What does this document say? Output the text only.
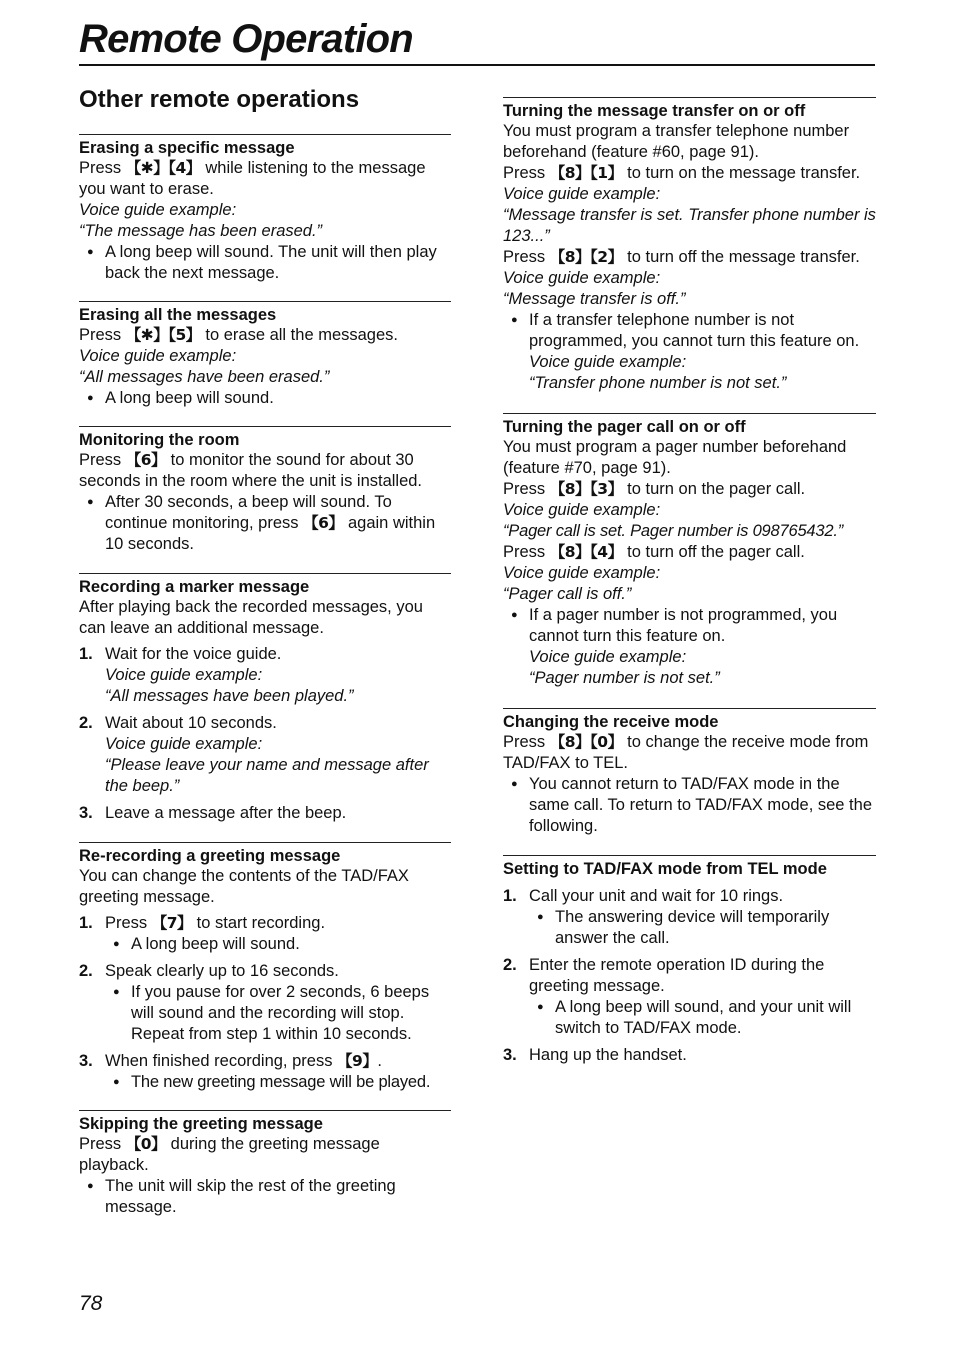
Remote Operation
Other remote operations
Erasing a specific message

Press 【✱】【4】 while listening to the message you want to erase.

Voice guide example:

“The message has been erased.”

● A long beep will sound. The unit will then play back the next message.

Erasing all the messages

Press 【✱】【5】 to erase all the messages.

Voice guide example:

“All messages have been erased.”

● A long beep will sound.

Monitoring the room

Press 【6】 to monitor the sound for about 30 seconds in the room where the unit is installed.

● After 30 seconds, a beep will sound. To continue monitoring, press 【6】 again within 10 seconds.

Recording a marker message

After playing back the recorded messages, you can leave an additional message.

1. Wait for the voice guide.
Voice guide example:
“All messages have been played.”
2. Wait about 10 seconds.
Voice guide example:
“Please leave your name and message after the beep.”
3. Leave a message after the beep.
Re-recording a greeting message

You can change the contents of the TAD/FAX greeting message.

1. Press 【7】 to start recording.

● A long beep will sound.

2. Speak clearly up to 16 seconds.

● If you pause for over 2 seconds, 6 beeps will sound and the recording will stop. Repeat from step 1 within 10 seconds.

3. When finished recording, press 【9】.

● The new greeting message will be played.

Skipping the greeting message

Press 【0】 during the greeting message playback.

● The unit will skip the rest of the greeting message.

Turning the message transfer on or off

You must program a transfer telephone number beforehand (feature #60, page 91).

Press 【8】【1】 to turn on the message transfer.

Voice guide example:

“Message transfer is set. Transfer phone number is 123...”

Press 【8】【2】 to turn off the message transfer.

Voice guide example:

“Message transfer is off.”

● If a transfer telephone number is not programmed, you cannot turn this feature on.
Voice guide example:
“Transfer phone number is not set.”
Turning the pager call on or off

You must program a pager number beforehand (feature #70, page 91).

Press 【8】【3】 to turn on the pager call.

Voice guide example:

“Pager call is set. Pager number is 098765432.”

Press 【8】【4】 to turn off the pager call.

Voice guide example:

“Pager call is off.”

● If a pager number is not programmed, you cannot turn this feature on.
Voice guide example:
“Pager number is not set.”
Changing the receive mode

Press 【8】【0】 to change the receive mode from TAD/FAX to TEL.

● You cannot return to TAD/FAX mode in the same call. To return to TAD/FAX mode, see the following.

Setting to TAD/FAX mode from TEL mode
1. Call your unit and wait for 10 rings.

● The answering device will temporarily answer the call.

2. Enter the remote operation ID during the greeting message.

● A long beep will sound, and your unit will switch to TAD/FAX mode.

3. Hang up the handset.

78
